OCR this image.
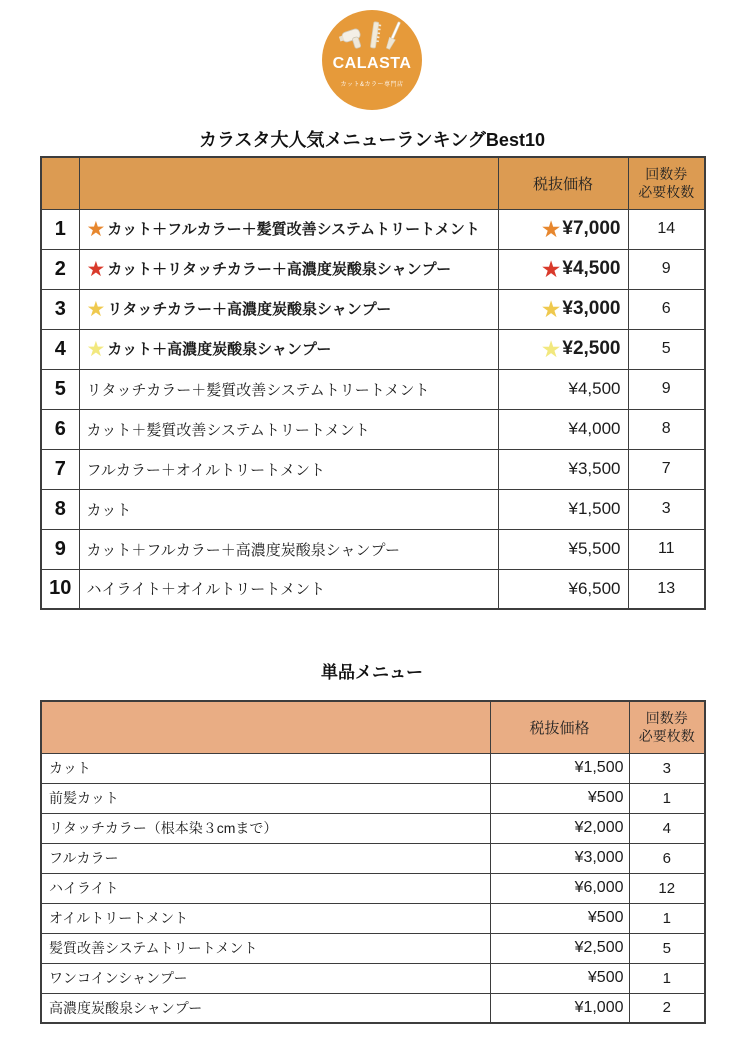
CALASTA
カット&カラー専門店
カラスタ大人気メニューランキングBest10
		税抜価格	回数券
必要枚数
1	★ カット＋フルカラー＋髪質改善システムトリートメント	★¥7,000	14
2	★ カット＋リタッチカラー＋高濃度炭酸泉シャンプー	★¥4,500	9
3	★ リタッチカラー＋高濃度炭酸泉シャンプー	★¥3,000	6
4	★ カット＋高濃度炭酸泉シャンプー	★¥2,500	5
5	リタッチカラー＋髪質改善システムトリートメント	¥4,500	9
6	カット＋髪質改善システムトリートメント	¥4,000	8
7	フルカラー＋オイルトリートメント	¥3,500	7
8	カット	¥1,500	3
9	カット＋フルカラー＋高濃度炭酸泉シャンプー	¥5,500	11
10	ハイライト＋オイルトリートメント	¥6,500	13
単品メニュー
	税抜価格	回数券
必要枚数
カット	¥1,500	3
前髪カット	¥500	1
リタッチカラー（根本染３cmまで）	¥2,000	4
フルカラー	¥3,000	6
ハイライト	¥6,000	12
オイルトリートメント	¥500	1
髪質改善システムトリートメント	¥2,500	5
ワンコインシャンプー	¥500	1
高濃度炭酸泉シャンプー	¥1,000	2
